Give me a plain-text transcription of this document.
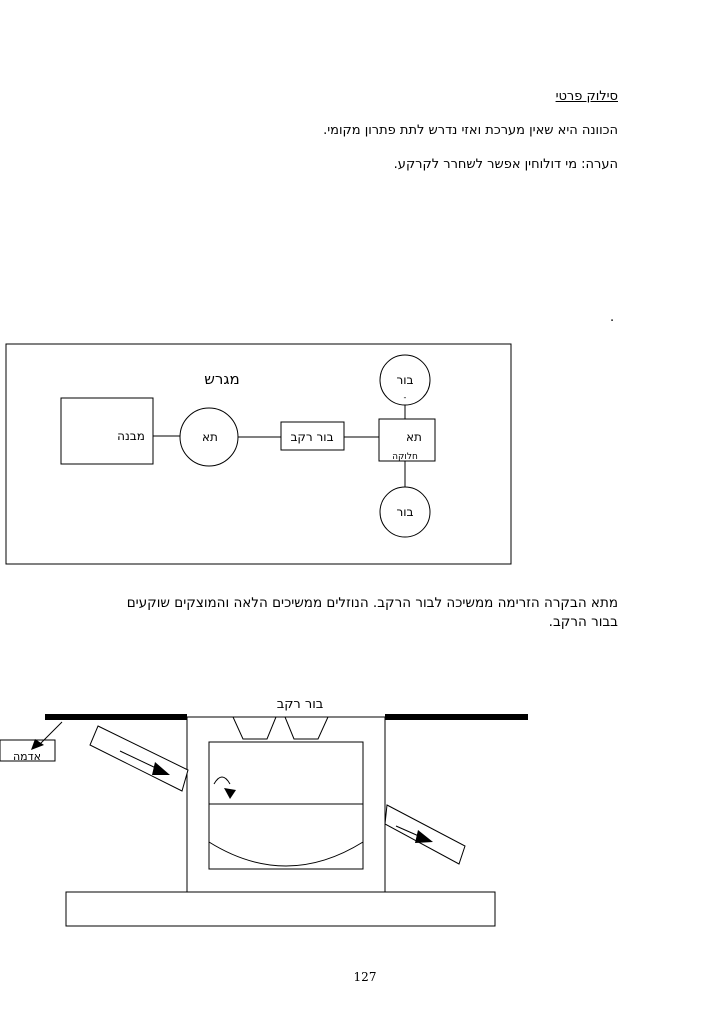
סילוק פרטי
הכוונה היא שאין מערכת ואזי נדרש לתת פתרון מקומי.
הערה: מי דולוחין אפשר לשחרר לקרקע.
.
מגרש
מבנה	תא	בור רקב	תא
חלוקה
בור
-
בור
בור רקב
אדמה
מתא הבקרה הזרימה ממשיכה לבור הרקב. הנוזלים ממשיכים הלאה והמוצקים שוקעים בבור הרקב.
127
